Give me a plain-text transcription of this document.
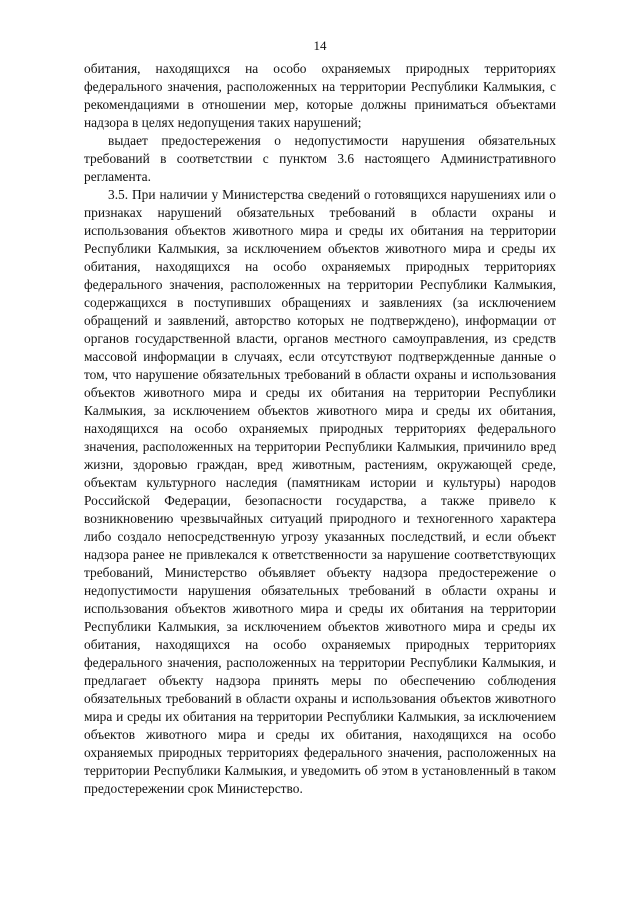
14

обитания, находящихся на особо охраняемых природных территориях федерального значения, расположенных на территории Республики Калмыкия, с рекомендациями в отношении мер, которые должны приниматься объектами надзора в целях недопущения таких нарушений;

выдает предостережения о недопустимости нарушения обязательных требований в соответствии с пунктом 3.6 настоящего Административного регламента.

3.5. При наличии у Министерства сведений о готовящихся нарушениях или о признаках нарушений обязательных требований в области охраны и использования объектов животного мира и среды их обитания на территории Республики Калмыкия, за исключением объектов животного мира и среды их обитания, находящихся на особо охраняемых природных территориях федерального значения, расположенных на территории Республики Калмыкия, содержащихся в поступивших обращениях и заявлениях (за исключением обращений и заявлений, авторство которых не подтверждено), информации от органов государственной власти, органов местного самоуправления, из средств массовой информации в случаях, если отсутствуют подтвержденные данные о том, что нарушение обязательных требований в области охраны и использования объектов животного мира и среды их обитания на территории Республики Калмыкия, за исключением объектов животного мира и среды их обитания, находящихся на особо охраняемых природных территориях федерального значения, расположенных на территории Республики Калмыкия, причинило вред жизни, здоровью граждан, вред животным, растениям, окружающей среде, объектам культурного наследия (памятникам истории и культуры) народов Российской Федерации, безопасности государства, а также привело к возникновению чрезвычайных ситуаций природного и техногенного характера либо создало непосредственную угрозу указанных последствий, и если объект надзора ранее не привлекался к ответственности за нарушение соответствующих требований, Министерство объявляет объекту надзора предостережение о недопустимости нарушения обязательных требований в области охраны и использования объектов животного мира и среды их обитания на территории Республики Калмыкия, за исключением объектов животного мира и среды их обитания, находящихся на особо охраняемых природных территориях федерального значения, расположенных на территории Республики Калмыкия, и предлагает объекту надзора принять меры по обеспечению соблюдения обязательных требований в области охраны и использования объектов животного мира и среды их обитания на территории Республики Калмыкия, за исключением объектов животного мира и среды их обитания, находящихся на особо охраняемых природных территориях федерального значения, расположенных на территории Республики Калмыкия, и уведомить об этом в установленный в таком предостережении срок Министерство.
